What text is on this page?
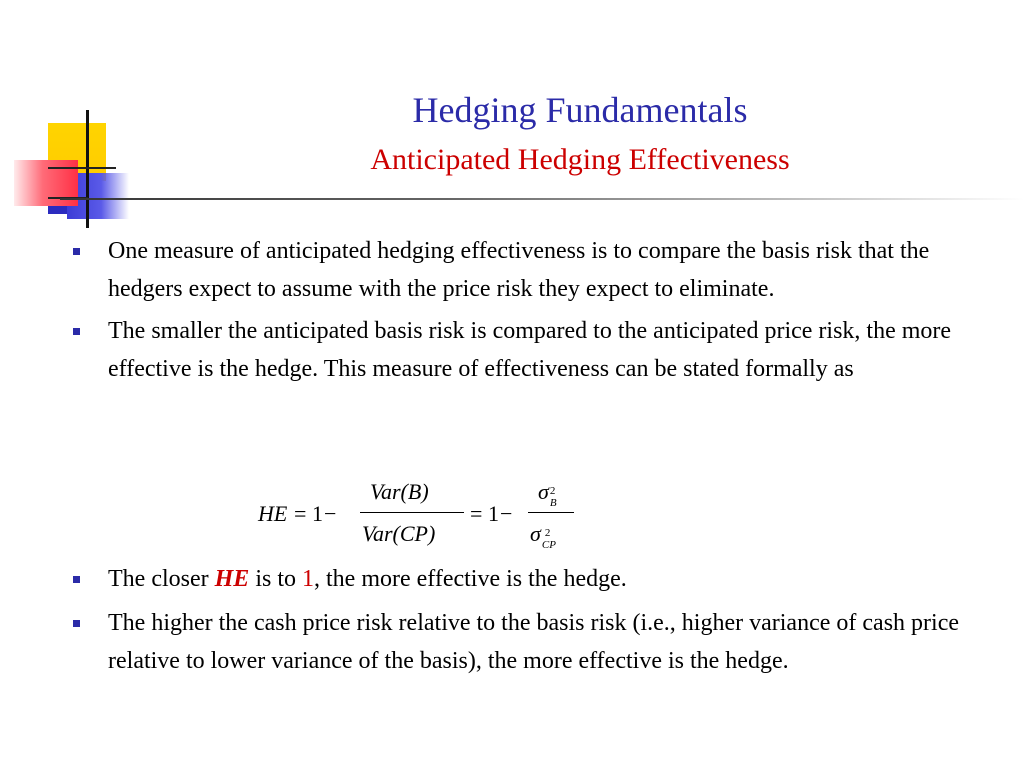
Hedging Fundamentals
Anticipated Hedging Effectiveness
One measure of anticipated hedging effectiveness is to compare the basis risk that the hedgers expect to assume with the price risk they expect to eliminate.
The smaller the anticipated basis risk is compared to the anticipated price risk, the more effective is the hedge. This measure of effectiveness can be stated formally as
HE = 1 −
Var(B)
Var(CP)
= 1 −
σ 2
B
σ 2
CP
The closer HE is to 1, the more effective is the hedge.
The higher the cash price risk relative to the basis risk (i.e., higher variance of cash price relative to lower variance of the basis), the more effective is the hedge.
